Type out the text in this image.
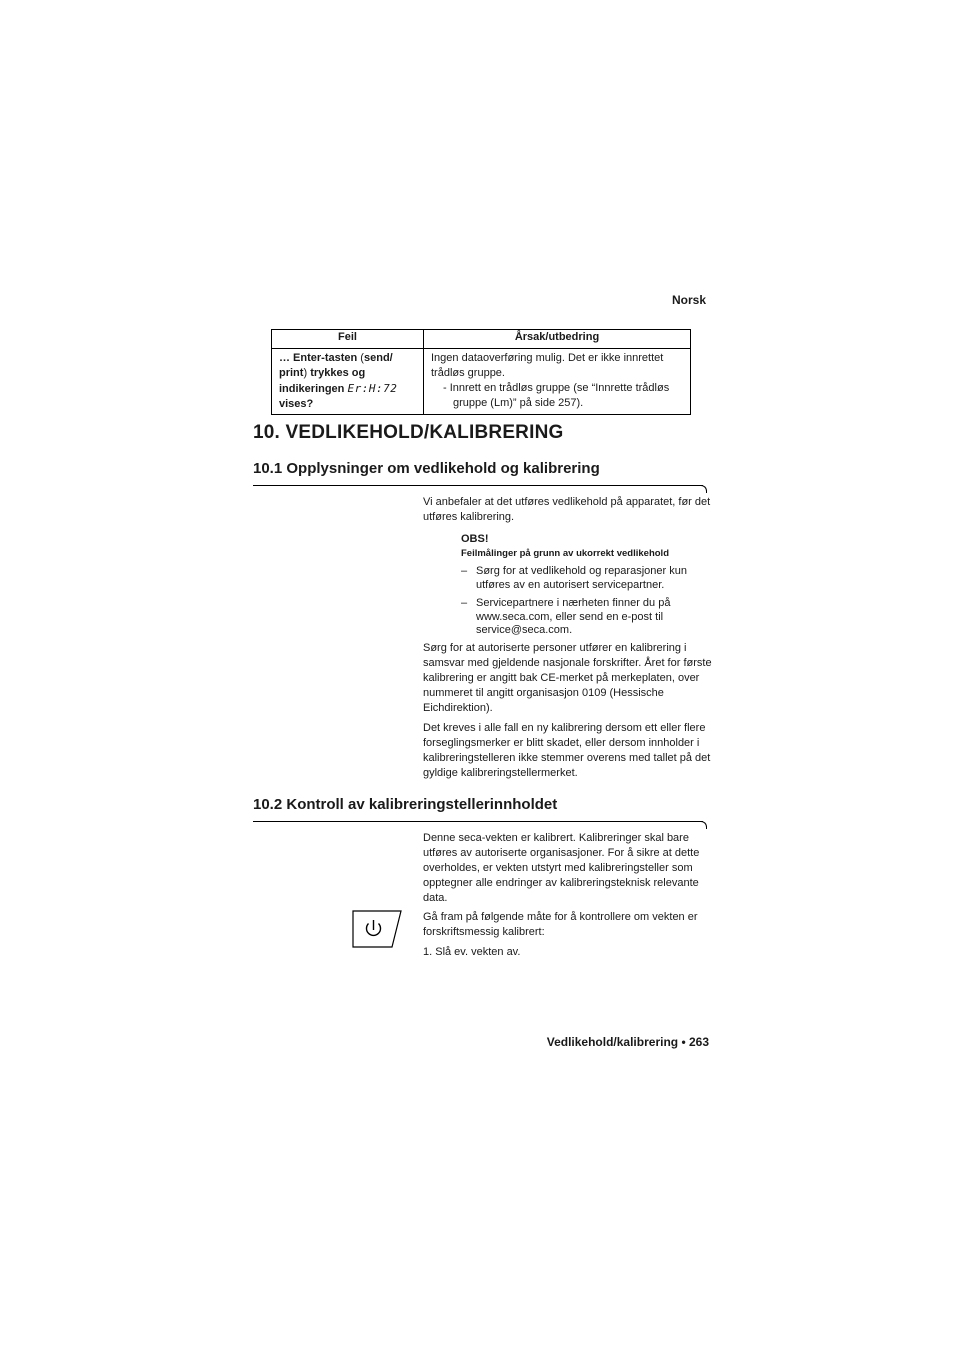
Norsk
Feil	Årsak/utbedring
… Enter-tasten (send/ print) trykkes og indikeringen Er:H:72 vises?	Ingen dataoverføring mulig. Det er ikke innrettet trådløs gruppe.
- Innrett en trådløs gruppe (se “Innrette trådløs gruppe (Lm)” på side 257).
10. VEDLIKEHOLD/KALIBRERING
10.1 Opplysninger om vedlikehold og kalibrering

Vi anbefaler at det utføres vedlikehold på apparatet, før det utføres kalibrering.

OBS!
Feilmålinger på grunn av ukorrekt vedlikehold
– Sørg for at vedlikehold og reparasjoner kun utføres av en autorisert servicepartner.
– Servicepartnere i nærheten finner du på www.seca.com, eller send en e-post til service@seca.com.

Sørg for at autoriserte personer utfører en kalibrering i samsvar med gjeldende nasjonale forskrifter. Året for første kalibrering er angitt bak CE-merket på merkeplaten, over nummeret til angitt organisasjon 0109 (Hessische Eichdirektion).

Det kreves i alle fall en ny kalibrering dersom ett eller flere forseglingsmerker er blitt skadet, eller dersom innholder i kalibreringstelleren ikke stemmer overens med tallet på det gyldige kalibreringstellermerket.

10.2 Kontroll av kalibreringstellerinnholdet

Denne seca-vekten er kalibrert. Kalibreringer skal bare utføres av autoriserte organisasjoner. For å sikre at dette overholdes, er vekten utstyrt med kalibreringsteller som opptegner alle endringer av kalibreringsteknisk relevante data.

Gå fram på følgende måte for å kontrollere om vekten er forskriftsmessig kalibrert:

1. Slå ev. vekten av.

Vedlikehold/kalibrering • 263
